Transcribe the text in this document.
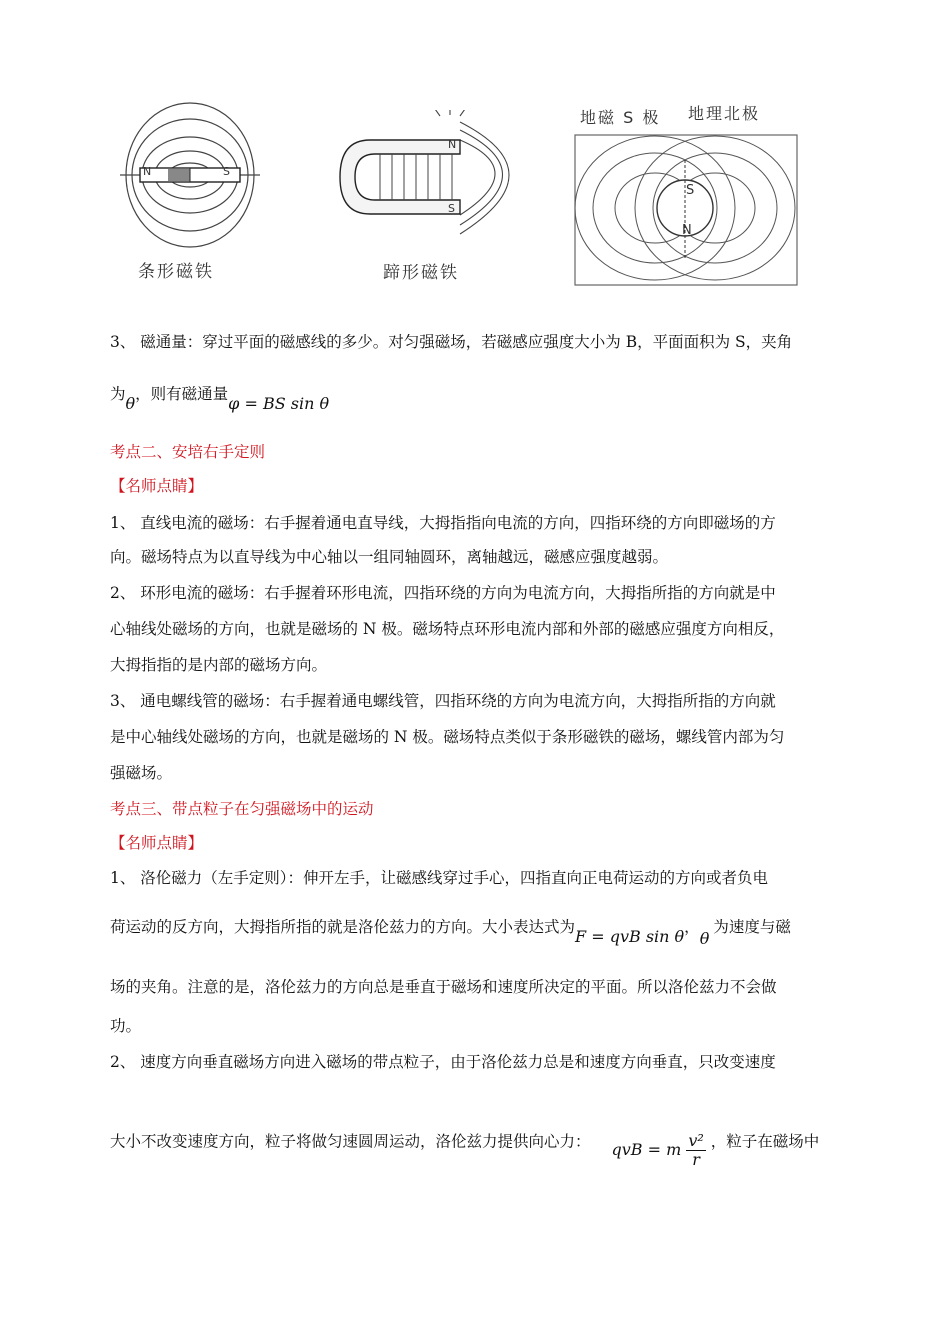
N	S
条形磁铁
N
S
蹄形磁铁
地磁 S 极 地理北极
S
N
3、 磁通量：穿过平面的磁感线的多少。对匀强磁场，若磁感应强度大小为 B，平面面积为 S，夹角
为θ，则有磁通量φ = BS sin θ
考点二、安培右手定则
【名师点睛】
1、 直线电流的磁场：右手握着通电直导线，大拇指指向电流的方向，四指环绕的方向即磁场的方
向。磁场特点为以直导线为中心轴以一组同轴圆环，离轴越远，磁感应强度越弱。
2、 环形电流的磁场：右手握着环形电流，四指环绕的方向为电流方向，大拇指所指的方向就是中
心轴线处磁场的方向，也就是磁场的 N 极。磁场特点环形电流内部和外部的磁感应强度方向相反，
大拇指指的是内部的磁场方向。
3、 通电螺线管的磁场：右手握着通电螺线管，四指环绕的方向为电流方向，大拇指所指的方向就
是中心轴线处磁场的方向，也就是磁场的 N 极。磁场特点类似于条形磁铁的磁场，螺线管内部为匀
强磁场。
考点三、带点粒子在匀强磁场中的运动
【名师点睛】
1、 洛伦磁力（左手定则）：伸开左手，让磁感线穿过手心，四指直向正电荷运动的方向或者负电
荷运动的反方向，大拇指所指的就是洛伦兹力的方向。大小表达式为F = qvB sin θ，θ为速度与磁
场的夹角。注意的是，洛伦兹力的方向总是垂直于磁场和速度所决定的平面。所以洛伦兹力不会做
功。
2、 速度方向垂直磁场方向进入磁场的带点粒子，由于洛伦兹力总是和速度方向垂直，只改变速度
大小不改变速度方向，粒子将做匀速圆周运动，洛伦兹力提供向心力： qvB = m $\frac{\text{v²}}{r}$ ，粒子在磁场中
